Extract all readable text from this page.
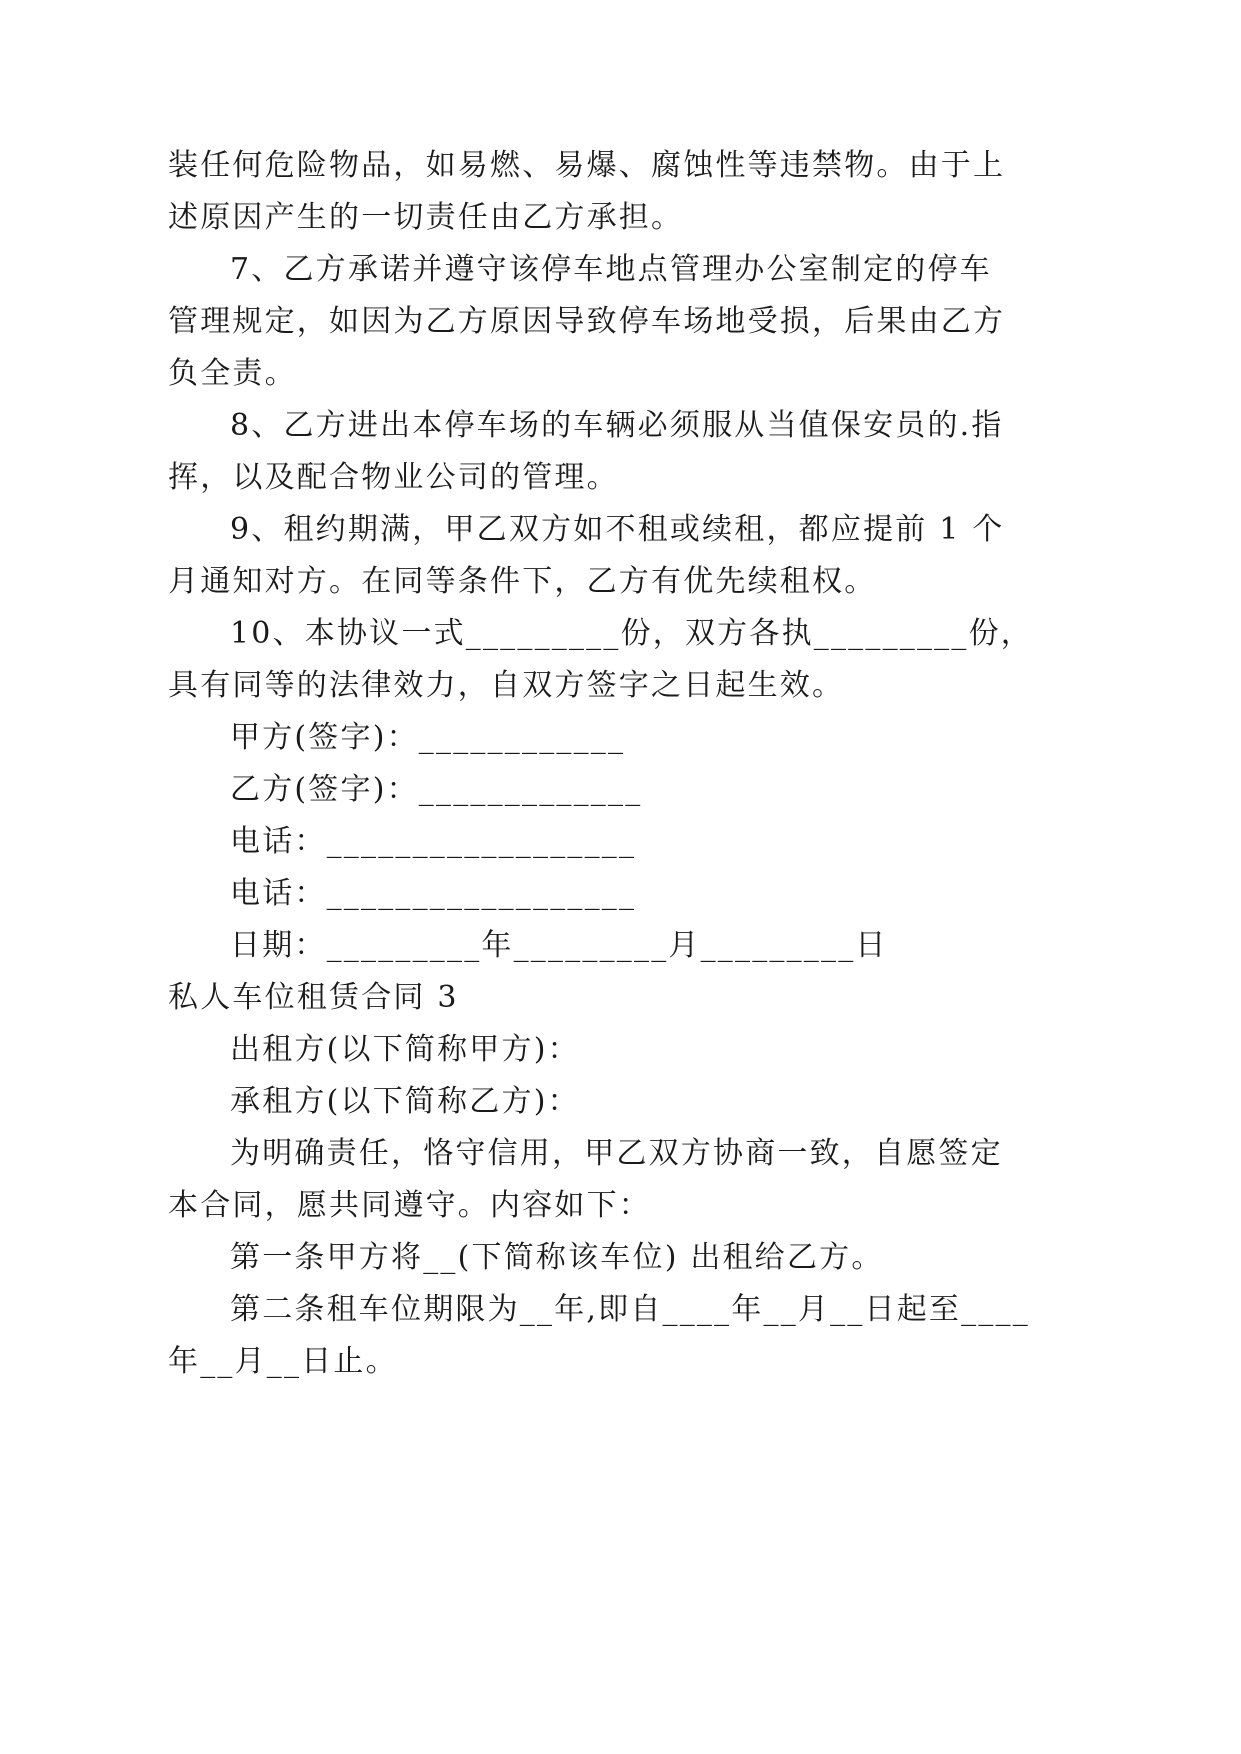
装任何危险物品，如易燃、易爆、腐蚀性等违禁物。由于上
述原因产生的一切责任由乙方承担。
7、乙方承诺并遵守该停车地点管理办公室制定的停车
管理规定，如因为乙方原因导致停车场地受损，后果由乙方
负全责。
8、乙方进出本停车场的车辆必须服从当值保安员的.指
挥，以及配合物业公司的管理。
9、租约期满，甲乙双方如不租或续租，都应提前 1 个
月通知对方。在同等条件下，乙方有优先续租权。
10、本协议一式_________份，双方各执_________份，
具有同等的法律效力，自双方签字之日起生效。
甲方(签字)：____________
乙方(签字)：_____________
电话：__________________
电话：__________________
日期：_________年_________月_________日
私人车位租赁合同 3
出租方(以下简称甲方)：
承租方(以下简称乙方)：
为明确责任，恪守信用，甲乙双方协商一致，自愿签定
本合同，愿共同遵守。内容如下：
第一条甲方将__(下简称该车位) 出租给乙方。
第二条租车位期限为__年,即自____年__月__日起至____
年__月__日止。
